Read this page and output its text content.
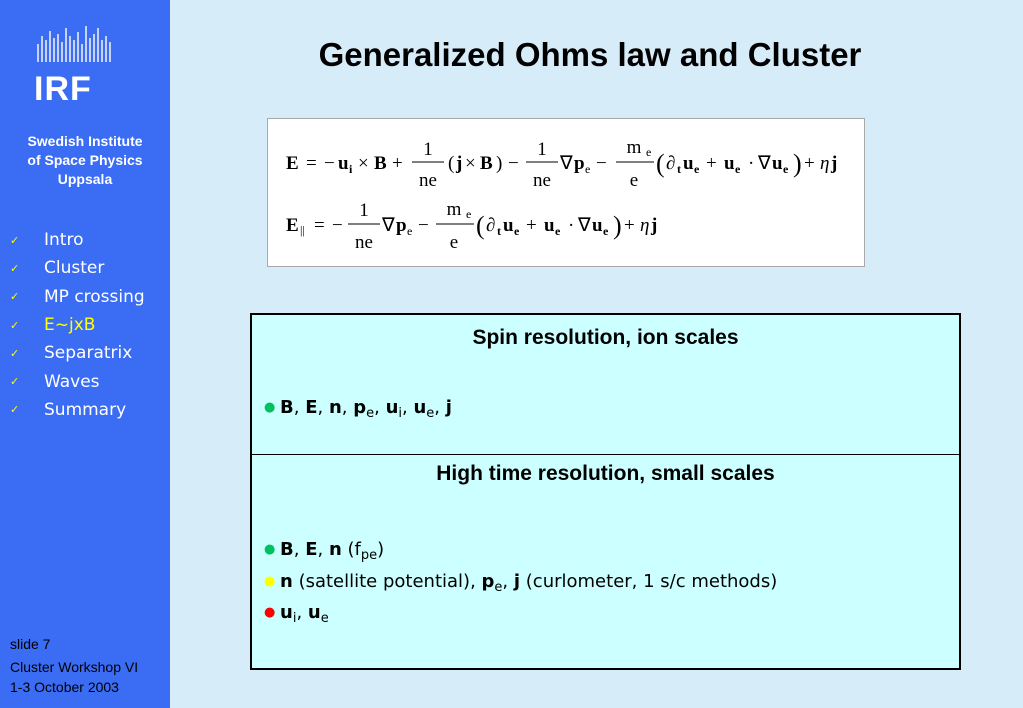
IRF
Swedish Institute
of Space Physics
Uppsala
✓	Intro
✓	Cluster
✓	MP crossing
✓	E~jxB
✓	Separatrix
✓	Waves
✓	Summary
slide 7
Cluster Workshop VI
1-3 October 2003
Generalized Ohms law and Cluster
E = − u i × B +
1
ne
( j × B ) −
1
ne
∇ p e −
m e
e
( ∂ t u e + u e · ∇ u e ) + η j
E || = −
1
ne
∇ p e −
m e
e
( ∂ t u e + u e · ∇ u e ) + η j
Spin resolution, ion scales
● B, E, n, $p_e$, $u_i$, $u_e$, j
High time resolution, small scales
● B, E, n $(f_{pe})$
● n (satellite potential), $p_e$, j (curlometer, 1 s/c methods)
● $u_i$, $u_e$
